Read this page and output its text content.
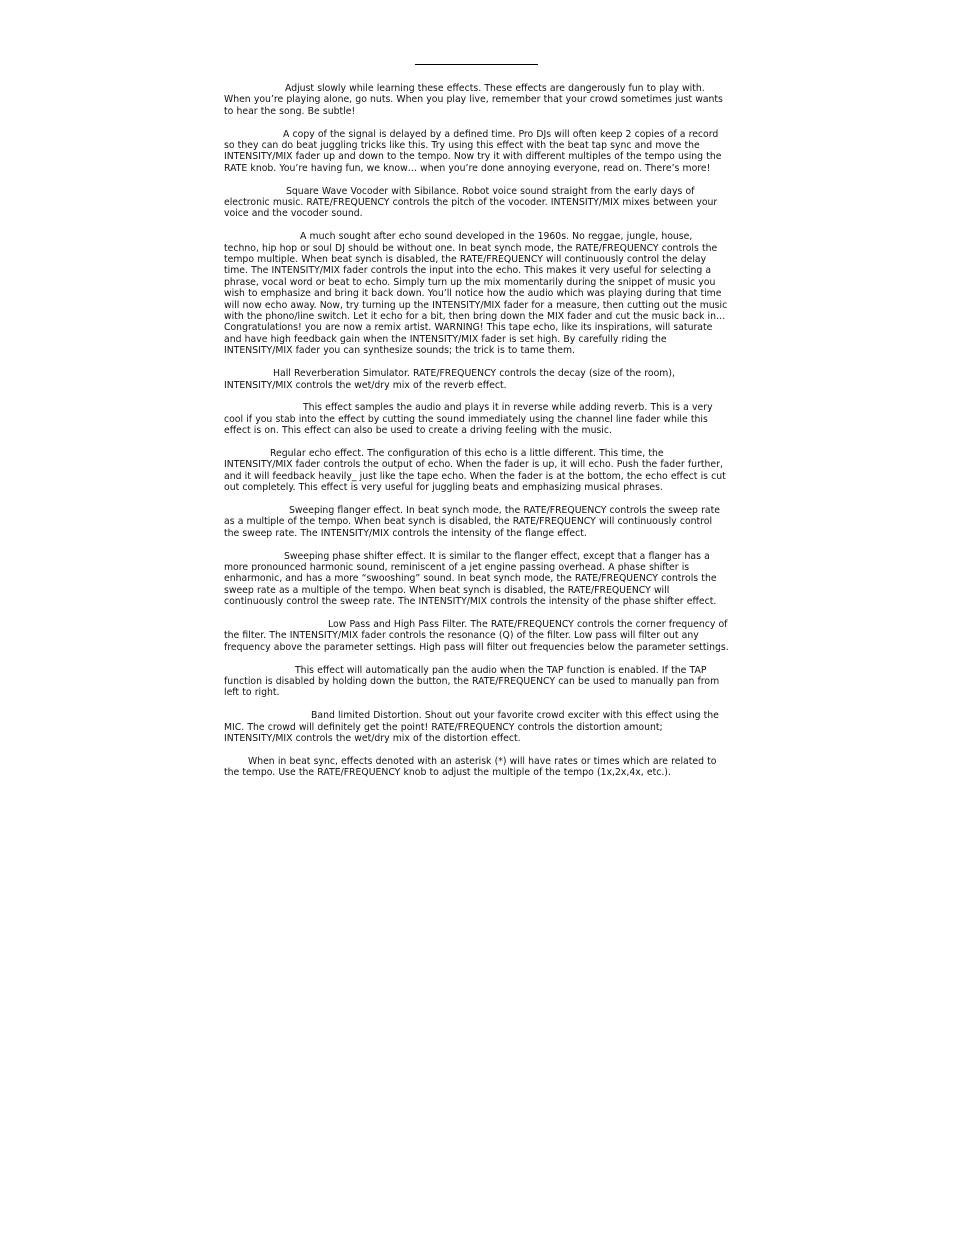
Adjust slowly while learning these effects. These effects are dangerously fun to play with. When you’re playing alone, go nuts. When you play live, remember that your crowd sometimes just wants to hear the song. Be subtle!

A copy of the signal is delayed by a defined time. Pro DJs will often keep 2 copies of a record so they can do beat juggling tricks like this. Try using this effect with the beat tap sync and move the INTENSITY/MIX fader up and down to the tempo. Now try it with different multiples of the tempo using the RATE knob. You’re having fun, we know… when you’re done annoying everyone, read on. There’s more!

Square Wave Vocoder with Sibilance. Robot voice sound straight from the early days of electronic music. RATE/FREQUENCY controls the pitch of the vocoder. INTENSITY/MIX mixes between your voice and the vocoder sound.

A much sought after echo sound developed in the 1960s. No reggae, jungle, house, techno, hip hop or soul DJ should be without one. In beat synch mode, the RATE/FREQUENCY controls the tempo multiple. When beat synch is disabled, the RATE/FREQUENCY will continuously control the delay time. The INTENSITY/MIX fader controls the input into the echo. This makes it very useful for selecting a phrase, vocal word or beat to echo. Simply turn up the mix momentarily during the snippet of music you wish to emphasize and bring it back down. You’ll notice how the audio which was playing during that time will now echo away. Now, try turning up the INTENSITY/MIX fader for a measure, then cutting out the music with the phono/line switch. Let it echo for a bit, then bring down the MIX fader and cut the music back in… Congratulations! you are now a remix artist. WARNING! This tape echo, like its inspirations, will saturate and have high feedback gain when the INTENSITY/MIX fader is set high. By carefully riding the INTENSITY/MIX fader you can synthesize sounds; the trick is to tame them.

Hall Reverberation Simulator. RATE/FREQUENCY controls the decay (size of the room), INTENSITY/MIX controls the wet/dry mix of the reverb effect.

This effect samples the audio and plays it in reverse while adding reverb. This is a very cool if you stab into the effect by cutting the sound immediately using the channel line fader while this effect is on. This effect can also be used to create a driving feeling with the music.

Regular echo effect. The configuration of this echo is a little different. This time, the INTENSITY/MIX fader controls the output of echo. When the fader is up, it will echo. Push the fader further, and it will feedback heavily_ just like the tape echo. When the fader is at the bottom, the echo effect is cut out completely. This effect is very useful for juggling beats and emphasizing musical phrases.

Sweeping flanger effect. In beat synch mode, the RATE/FREQUENCY controls the sweep rate as a multiple of the tempo. When beat synch is disabled, the RATE/FREQUENCY will continuously control the sweep rate. The INTENSITY/MIX controls the intensity of the flange effect.

Sweeping phase shifter effect. It is similar to the flanger effect, except that a flanger has a more pronounced harmonic sound, reminiscent of a jet engine passing overhead. A phase shifter is enharmonic, and has a more “swooshing” sound. In beat synch mode, the RATE/FREQUENCY controls the sweep rate as a multiple of the tempo. When beat synch is disabled, the RATE/FREQUENCY will continuously control the sweep rate. The INTENSITY/MIX controls the intensity of the phase shifter effect.

Low Pass and High Pass Filter. The RATE/FREQUENCY controls the corner frequency of the filter. The INTENSITY/MIX fader controls the resonance (Q) of the filter. Low pass will filter out any frequency above the parameter settings. High pass will filter out frequencies below the parameter settings.

This effect will automatically pan the audio when the TAP function is enabled. If the TAP function is disabled by holding down the button, the RATE/FREQUENCY can be used to manually pan from left to right.

Band limited Distortion. Shout out your favorite crowd exciter with this effect using the MIC. The crowd will definitely get the point! RATE/FREQUENCY controls the distortion amount; INTENSITY/MIX controls the wet/dry mix of the distortion effect.

When in beat sync, effects denoted with an asterisk (*) will have rates or times which are related to the tempo. Use the RATE/FREQUENCY knob to adjust the multiple of the tempo (1x,2x,4x, etc.).
